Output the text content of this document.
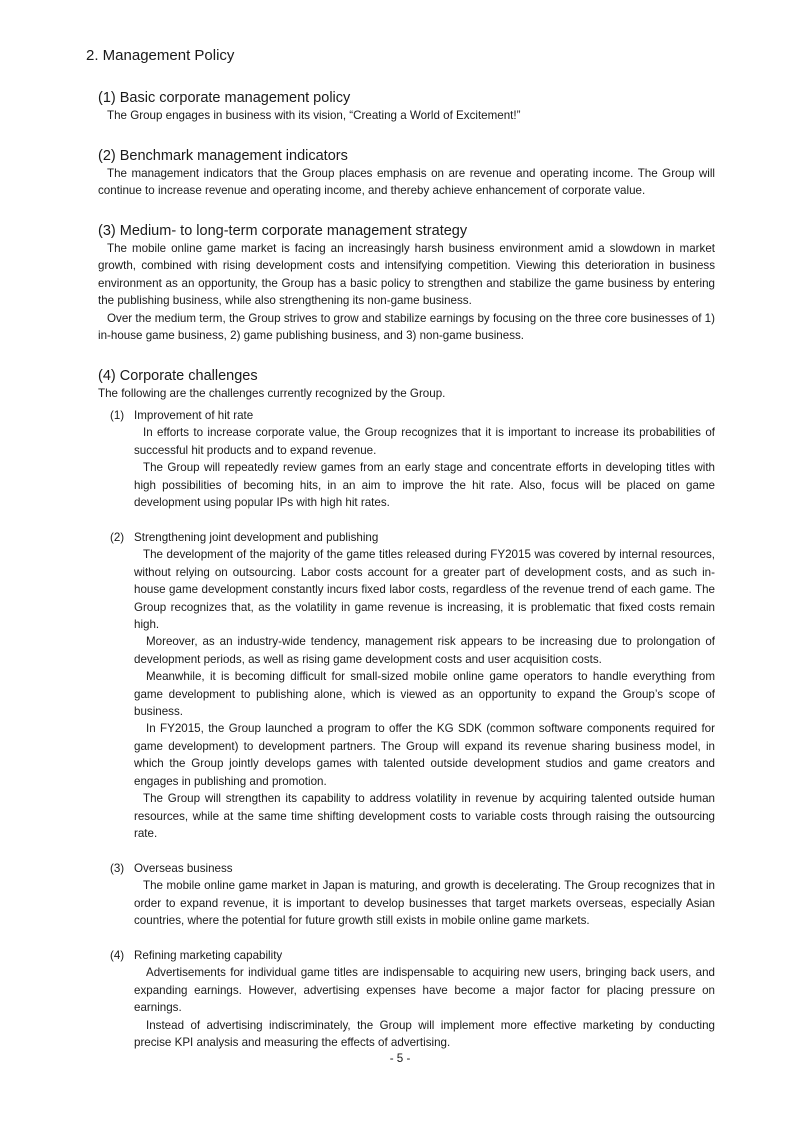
2. Management Policy

(1) Basic corporate management policy

The Group engages in business with its vision, “Creating a World of Excitement!”

(2) Benchmark management indicators

The management indicators that the Group places emphasis on are revenue and operating income. The Group will continue to increase revenue and operating income, and thereby achieve enhancement of corporate value.

(3) Medium- to long-term corporate management strategy

The mobile online game market is facing an increasingly harsh business environment amid a slowdown in market growth, combined with rising development costs and intensifying competition. Viewing this deterioration in business environment as an opportunity, the Group has a basic policy to strengthen and stabilize the game business by entering the publishing business, while also strengthening its non-game business.

Over the medium term, the Group strives to grow and stabilize earnings by focusing on the three core businesses of 1) in-house game business, 2) game publishing business, and 3) non-game business.

(4) Corporate challenges

The following are the challenges currently recognized by the Group.

(1) Improvement of hit rate

In efforts to increase corporate value, the Group recognizes that it is important to increase its probabilities of successful hit products and to expand revenue.

The Group will repeatedly review games from an early stage and concentrate efforts in developing titles with high possibilities of becoming hits, in an aim to improve the hit rate. Also, focus will be placed on game development using popular IPs with high hit rates.

(2) Strengthening joint development and publishing

The development of the majority of the game titles released during FY2015 was covered by internal resources, without relying on outsourcing. Labor costs account for a greater part of development costs, and as such in-house game development constantly incurs fixed labor costs, regardless of the revenue trend of each game. The Group recognizes that, as the volatility in game revenue is increasing, it is problematic that fixed costs remain high.

Moreover, as an industry-wide tendency, management risk appears to be increasing due to prolongation of development periods, as well as rising game development costs and user acquisition costs.

Meanwhile, it is becoming difficult for small-sized mobile online game operators to handle everything from game development to publishing alone, which is viewed as an opportunity to expand the Group’s scope of business.

In FY2015, the Group launched a program to offer the KG SDK (common software components required for game development) to development partners. The Group will expand its revenue sharing business model, in which the Group jointly develops games with talented outside development studios and game creators and engages in publishing and promotion.

The Group will strengthen its capability to address volatility in revenue by acquiring talented outside human resources, while at the same time shifting development costs to variable costs through raising the outsourcing rate.

(3) Overseas business

The mobile online game market in Japan is maturing, and growth is decelerating. The Group recognizes that in order to expand revenue, it is important to develop businesses that target markets overseas, especially Asian countries, where the potential for future growth still exists in mobile online game markets.

(4) Refining marketing capability

Advertisements for individual game titles are indispensable to acquiring new users, bringing back users, and expanding earnings. However, advertising expenses have become a major factor for placing pressure on earnings.

Instead of advertising indiscriminately, the Group will implement more effective marketing by conducting precise KPI analysis and measuring the effects of advertising.

- 5 -
